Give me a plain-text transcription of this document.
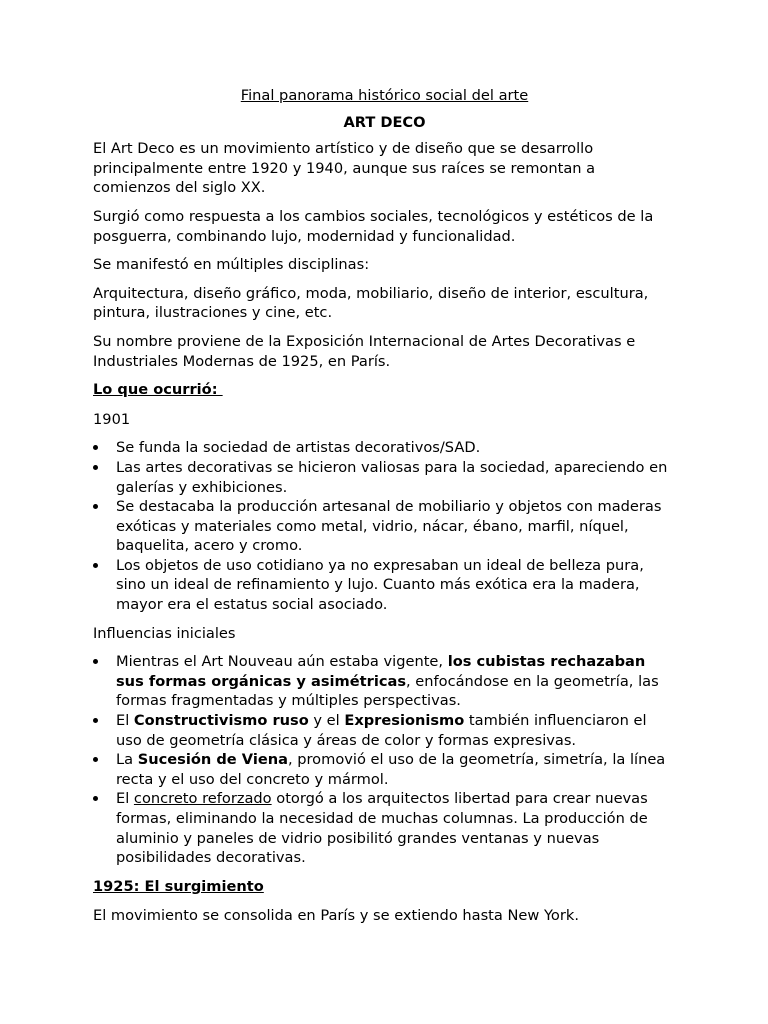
Final panorama histórico social del arte

ART DECO

El Art Deco es un movimiento artístico y de diseño que se desarrollo principalmente entre 1920 y 1940, aunque sus raíces se remontan a comienzos del siglo XX.

Surgió como respuesta a los cambios sociales, tecnológicos y estéticos de la posguerra, combinando lujo, modernidad y funcionalidad.

Se manifestó en múltiples disciplinas:

Arquitectura, diseño gráfico, moda, mobiliario, diseño de interior, escultura, pintura, ilustraciones y cine, etc.

Su nombre proviene de la Exposición Internacional de Artes Decorativas e Industriales Modernas de 1925, en París.

Lo que ocurrió:

1901

Se funda la sociedad de artistas decorativos/SAD.
Las artes decorativas se hicieron valiosas para la sociedad, apareciendo en galerías y exhibiciones.
Se destacaba la producción artesanal de mobiliario y objetos con maderas exóticas y materiales como metal, vidrio, nácar, ébano, marfil, níquel, baquelita, acero y cromo.
Los objetos de uso cotidiano ya no expresaban un ideal de belleza pura, sino un ideal de refinamiento y lujo. Cuanto más exótica era la madera, mayor era el estatus social asociado.

Influencias iniciales

Mientras el Art Nouveau aún estaba vigente, los cubistas rechazaban sus formas orgánicas y asimétricas, enfocándose en la geometría, las formas fragmentadas y múltiples perspectivas.
El Constructivismo ruso y el Expresionismo también influenciaron el uso de geometría clásica y áreas de color y formas expresivas.
La Sucesión de Viena, promovió el uso de la geometría, simetría, la línea recta y el uso del concreto y mármol.
El concreto reforzado otorgó a los arquitectos libertad para crear nuevas formas, eliminando la necesidad de muchas columnas. La producción de aluminio y paneles de vidrio posibilitó grandes ventanas y nuevas posibilidades decorativas.

1925: El surgimiento

El movimiento se consolida en París y se extiendo hasta New York.
